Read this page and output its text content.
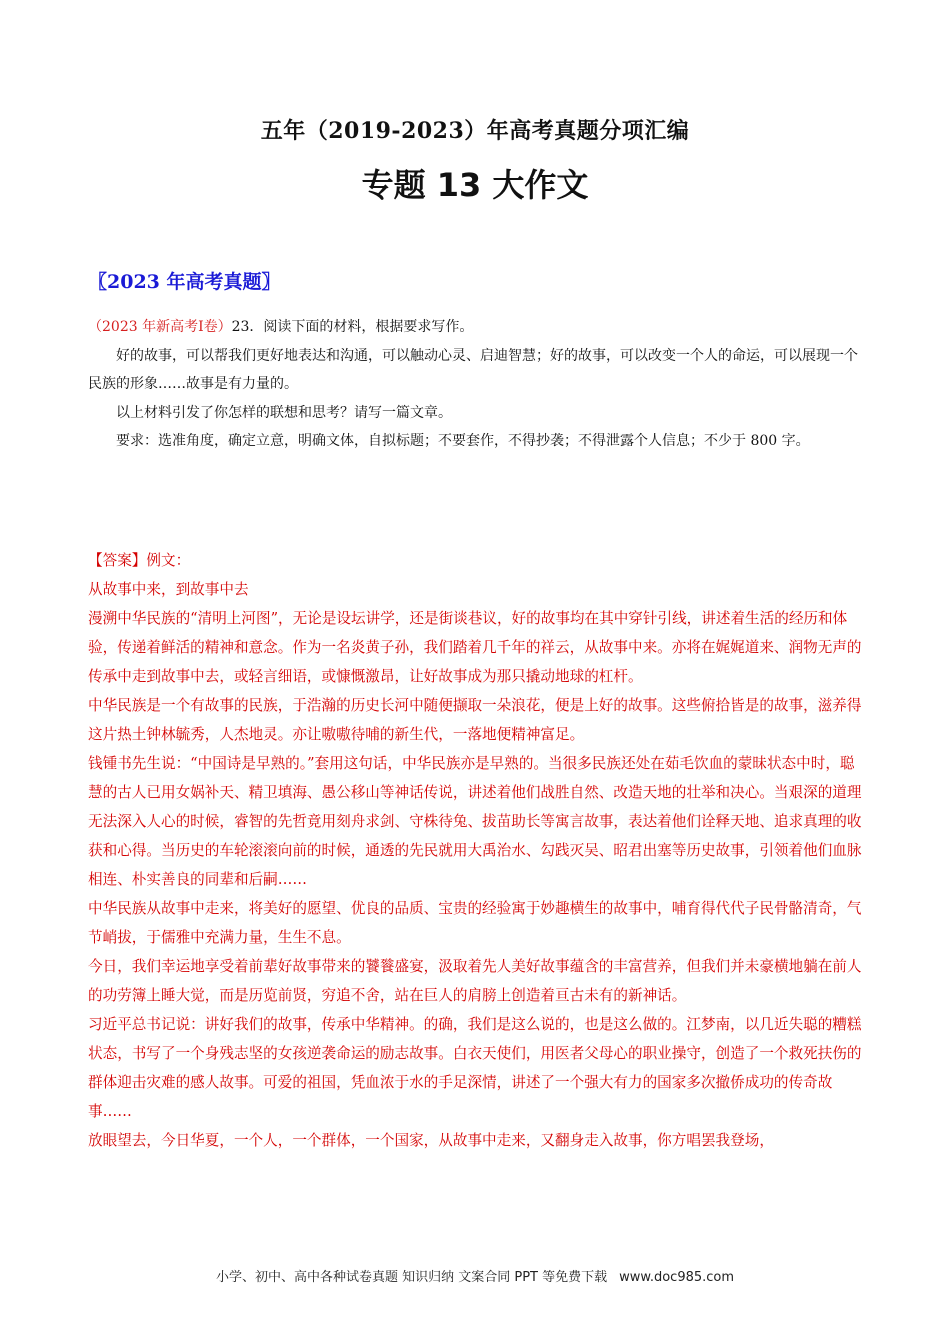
五年（2019-2023）年高考真题分项汇编
专题 13 大作文
〖2023 年高考真题〗

（2023 年新高考Ⅰ卷）23．阅读下面的材料，根据要求写作。

好的故事，可以帮我们更好地表达和沟通，可以触动心灵、启迪智慧；好的故事，可以改变一个人的命运，可以展现一个民族的形象……故事是有力量的。

以上材料引发了你怎样的联想和思考？请写一篇文章。

要求：选准角度，确定立意，明确文体，自拟标题；不要套作，不得抄袭；不得泄露个人信息；不少于 800 字。

【答案】例文：

从故事中来，到故事中去

漫溯中华民族的“清明上河图”，无论是设坛讲学，还是街谈巷议，好的故事均在其中穿针引线，讲述着生活的经历和体验，传递着鲜活的精神和意念。作为一名炎黄子孙，我们踏着几千年的祥云，从故事中来。亦将在娓娓道来、润物无声的传承中走到故事中去，或轻言细语，或慷慨激昂，让好故事成为那只撬动地球的杠杆。

中华民族是一个有故事的民族，于浩瀚的历史长河中随便撷取一朵浪花，便是上好的故事。这些俯拾皆是的故事，滋养得这片热土钟林毓秀，人杰地灵。亦让嗷嗷待哺的新生代，一落地便精神富足。

钱锺书先生说：“中国诗是早熟的。”套用这句话，中华民族亦是早熟的。当很多民族还处在茹毛饮血的蒙昧状态中时，聪慧的古人已用女娲补天、精卫填海、愚公移山等神话传说，讲述着他们战胜自然、改造天地的壮举和决心。当艰深的道理无法深入人心的时候，睿智的先哲竟用刻舟求剑、守株待兔、拔苗助长等寓言故事，表达着他们诠释天地、追求真理的收获和心得。当历史的车轮滚滚向前的时候，通透的先民就用大禹治水、勾践灭吴、昭君出塞等历史故事，引领着他们血脉相连、朴实善良的同辈和后嗣……

中华民族从故事中走来，将美好的愿望、优良的品质、宝贵的经验寓于妙趣横生的故事中，哺育得代代子民骨骼清奇，气节峭拔，于儒雅中充满力量，生生不息。

今日，我们幸运地享受着前辈好故事带来的饕餮盛宴，汲取着先人美好故事蕴含的丰富营养，但我们并未豪横地躺在前人的功劳簿上睡大觉，而是历览前贤，穷追不舍，站在巨人的肩膀上创造着亘古未有的新神话。

习近平总书记说：讲好我们的故事，传承中华精神。的确，我们是这么说的，也是这么做的。江梦南，以几近失聪的糟糕状态，书写了一个身残志坚的女孩逆袭命运的励志故事。白衣天使们，用医者父母心的职业操守，创造了一个救死扶伤的群体迎击灾难的感人故事。可爱的祖国，凭血浓于水的手足深情，讲述了一个强大有力的国家多次撤侨成功的传奇故事……

放眼望去，今日华夏，一个人，一个群体，一个国家，从故事中走来，又翻身走入故事，你方唱罢我登场，

小学、初中、高中各种试卷真题 知识归纳 文案合同 PPT 等免费下载 www.doc985.com
